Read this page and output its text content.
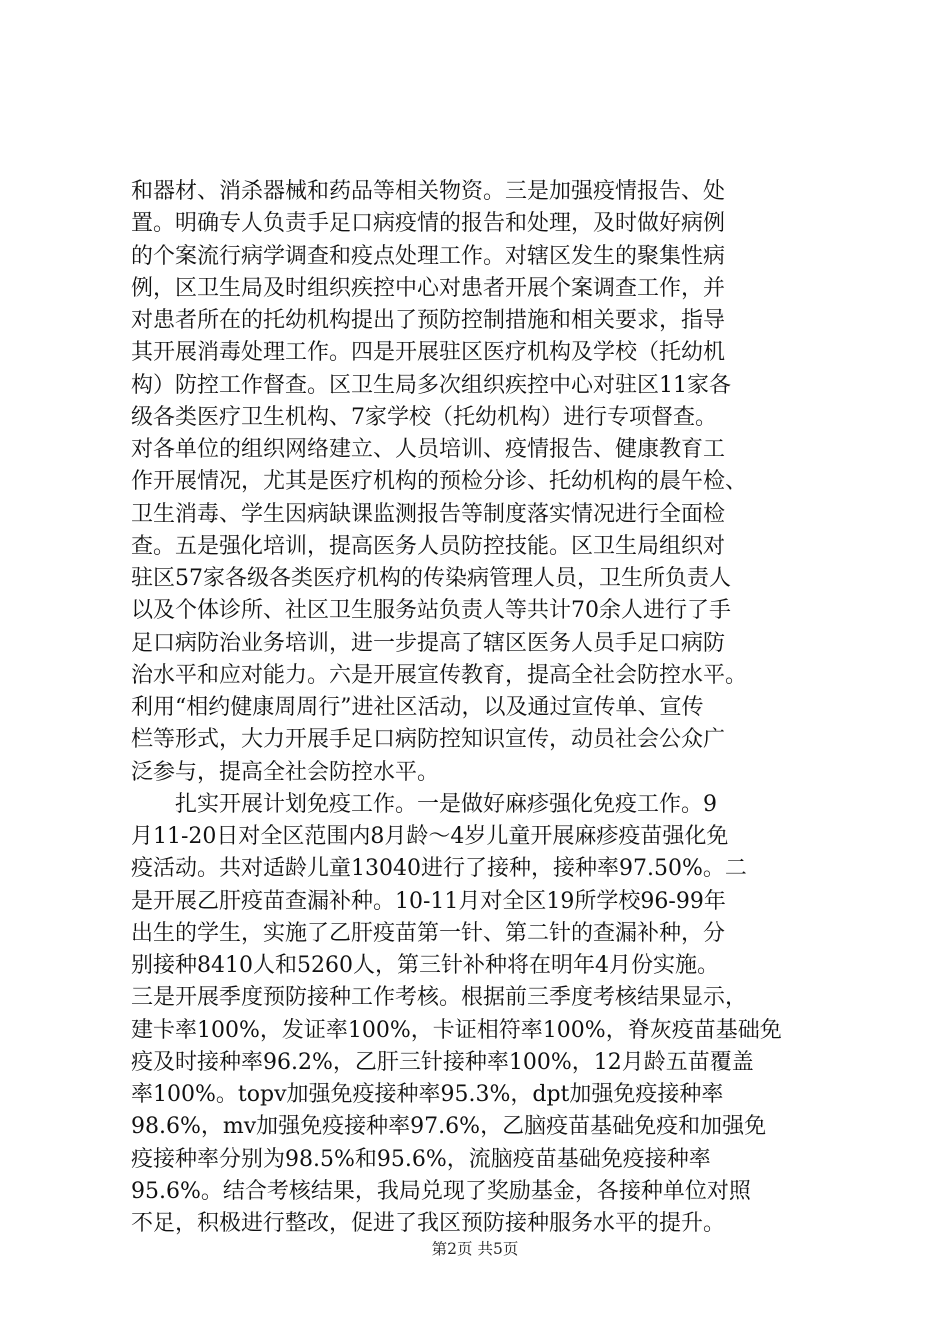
和器材、消杀器械和药品等相关物资。三是加强疫情报告、处
置。明确专人负责手足口病疫情的报告和处理，及时做好病例
的个案流行病学调查和疫点处理工作。对辖区发生的聚集性病
例，区卫生局及时组织疾控中心对患者开展个案调查工作，并
对患者所在的托幼机构提出了预防控制措施和相关要求，指导
其开展消毒处理工作。四是开展驻区医疗机构及学校（托幼机
构）防控工作督查。区卫生局多次组织疾控中心对驻区11家各
级各类医疗卫生机构、7家学校（托幼机构）进行专项督查。
对各单位的组织网络建立、人员培训、疫情报告、健康教育工
作开展情况，尤其是医疗机构的预检分诊、托幼机构的晨午检、
卫生消毒、学生因病缺课监测报告等制度落实情况进行全面检
查。五是强化培训，提高医务人员防控技能。区卫生局组织对
驻区57家各级各类医疗机构的传染病管理人员，卫生所负责人
以及个体诊所、社区卫生服务站负责人等共计70余人进行了手
足口病防治业务培训，进一步提高了辖区医务人员手足口病防
治水平和应对能力。六是开展宣传教育，提高全社会防控水平。
利用“相约健康周周行”进社区活动，以及通过宣传单、宣传
栏等形式，大力开展手足口病防控知识宣传，动员社会公众广
泛参与，提高全社会防控水平。
扎实开展计划免疫工作。一是做好麻疹强化免疫工作。9
月11-20日对全区范围内8月龄～4岁儿童开展麻疹疫苗强化免
疫活动。共对适龄儿童13040进行了接种，接种率97.50%。二
是开展乙肝疫苗查漏补种。10-11月对全区19所学校96-99年
出生的学生，实施了乙肝疫苗第一针、第二针的查漏补种，分
别接种8410人和5260人，第三针补种将在明年4月份实施。
三是开展季度预防接种工作考核。根据前三季度考核结果显示，
建卡率100%，发证率100%，卡证相符率100%，脊灰疫苗基础免
疫及时接种率96.2%，乙肝三针接种率100%，12月龄五苗覆盖
率100%。topv加强免疫接种率95.3%，dpt加强免疫接种率
98.6%，mv加强免疫接种率97.6%，乙脑疫苗基础免疫和加强免
疫接种率分别为98.5%和95.6%，流脑疫苗基础免疫接种率
95.6%。结合考核结果，我局兑现了奖励基金，各接种单位对照
不足，积极进行整改，促进了我区预防接种服务水平的提升。
第2页 共5页
